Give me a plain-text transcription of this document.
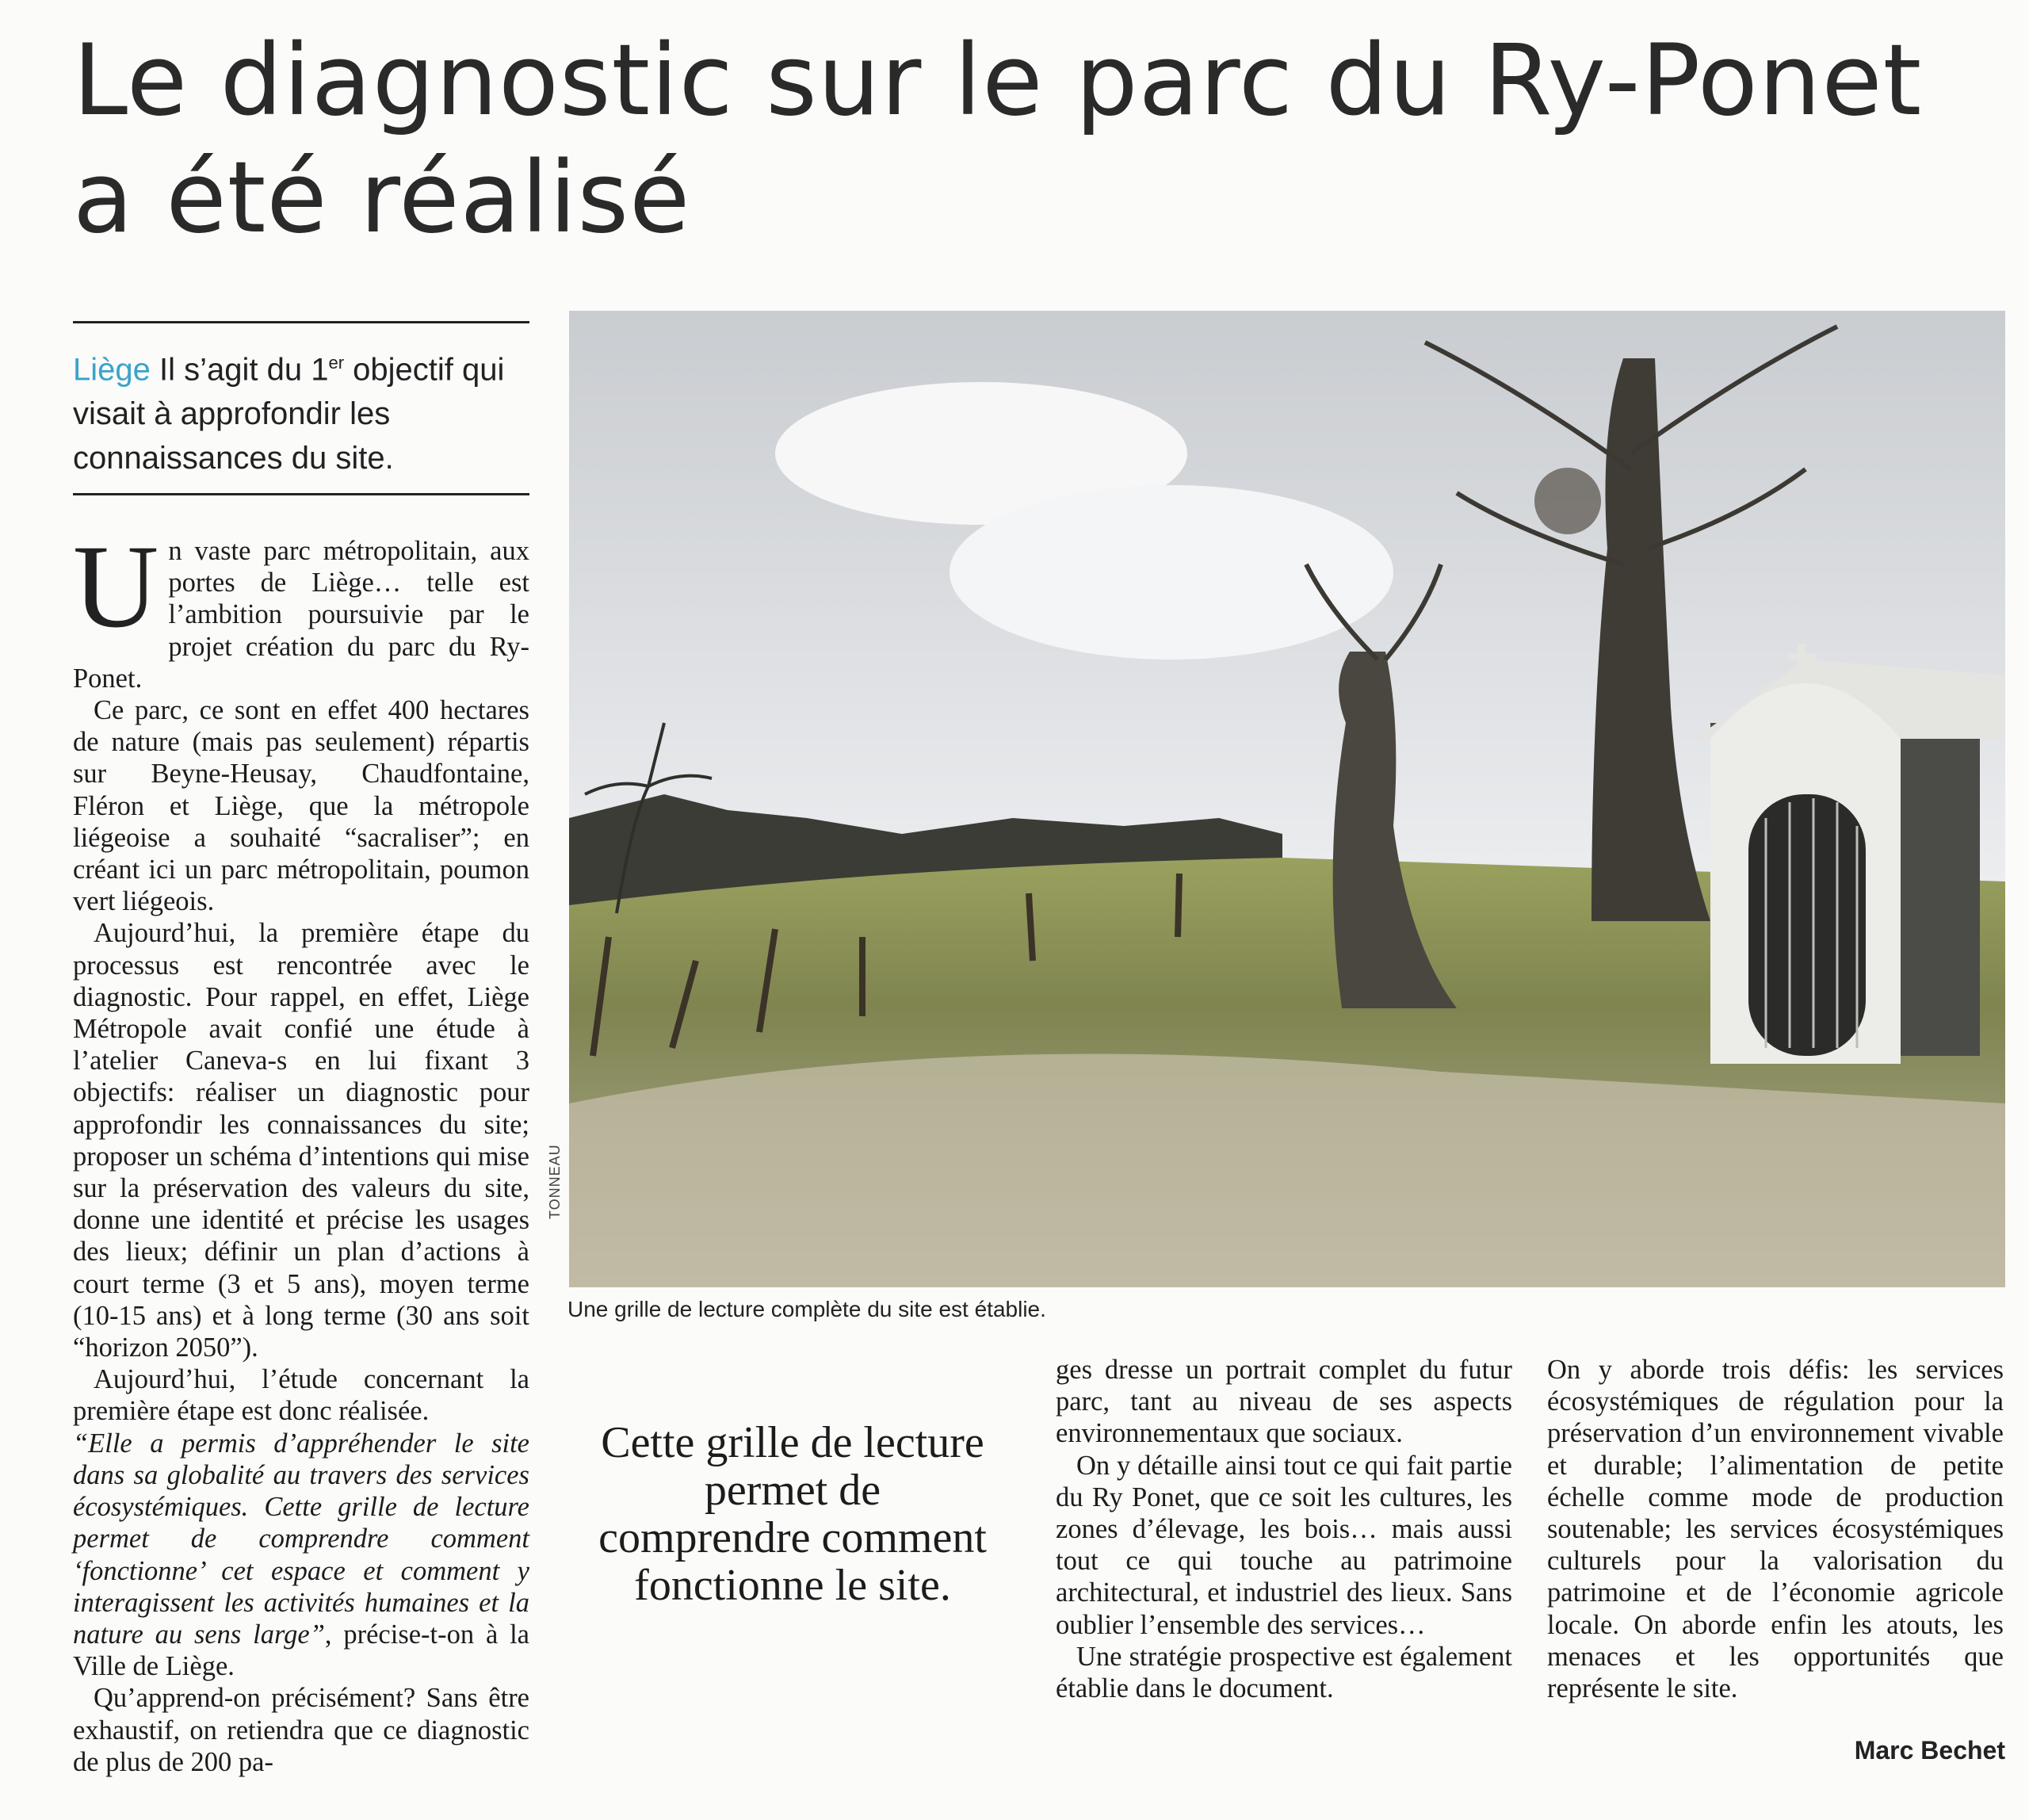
Le diagnostic sur le parc du Ry-Ponet
a été réalisé
Liège Il s’agit du 1er objectif qui visait à approfondir les connaissances du site.

Un vaste parc métropolitain, aux portes de Liège… telle est l’ambition poursuivie par le projet création du parc du Ry-Ponet.

Ce parc, ce sont en effet 400 hectares de nature (mais pas seulement) répartis sur Beyne-Heusay, Chaudfontaine, Fléron et Liège, que la métropole liégeoise a souhaité “sacraliser”; en créant ici un parc métropolitain, poumon vert liégeois.

Aujourd’hui, la première étape du processus est rencontrée avec le diagnostic. Pour rappel, en effet, Liège Métropole avait confié une étude à l’atelier Caneva-s en lui fixant 3 objectifs: réaliser un diagnostic pour approfondir les connaissances du site; proposer un schéma d’intentions qui mise sur la préservation des valeurs du site, donne une identité et précise les usages des lieux; définir un plan d’actions à court terme (3 et 5 ans), moyen terme (10-15 ans) et à long terme (30 ans soit “horizon 2050”).

Aujourd’hui, l’étude concernant la première étape est donc réalisée.

“Elle a permis d’appréhender le site dans sa globalité au travers des services écosystémiques. Cette grille de lecture permet de comprendre comment ‘fonctionne’ cet espace et comment y interagissent les activités humaines et la nature au sens large”, précise-t-on à la Ville de Liège.

Qu’apprend-on précisément? Sans être exhaustif, on retiendra que ce diagnostic de plus de 200 pa-

TONNEAU
Une grille de lecture complète du site est établie.
Cette grille de lecture permet de comprendre comment fonctionne le site.

ges dresse un portrait complet du futur parc, tant au niveau de ses aspects environnementaux que sociaux.

On y détaille ainsi tout ce qui fait partie du Ry Ponet, que ce soit les cultures, les zones d’élevage, les bois… mais aussi tout ce qui touche au patrimoine architectural, et industriel des lieux. Sans oublier l’ensemble des services…

Une stratégie prospective est également établie dans le document.

On y aborde trois défis: les services écosystémiques de régulation pour la préservation d’un environnement vivable et durable; l’alimentation de petite échelle comme mode de production soutenable; les services écosystémiques culturels pour la valorisation du patrimoine et de l’économie agricole locale. On aborde enfin les atouts, les menaces et les opportunités que représente le site.

Marc Bechet
